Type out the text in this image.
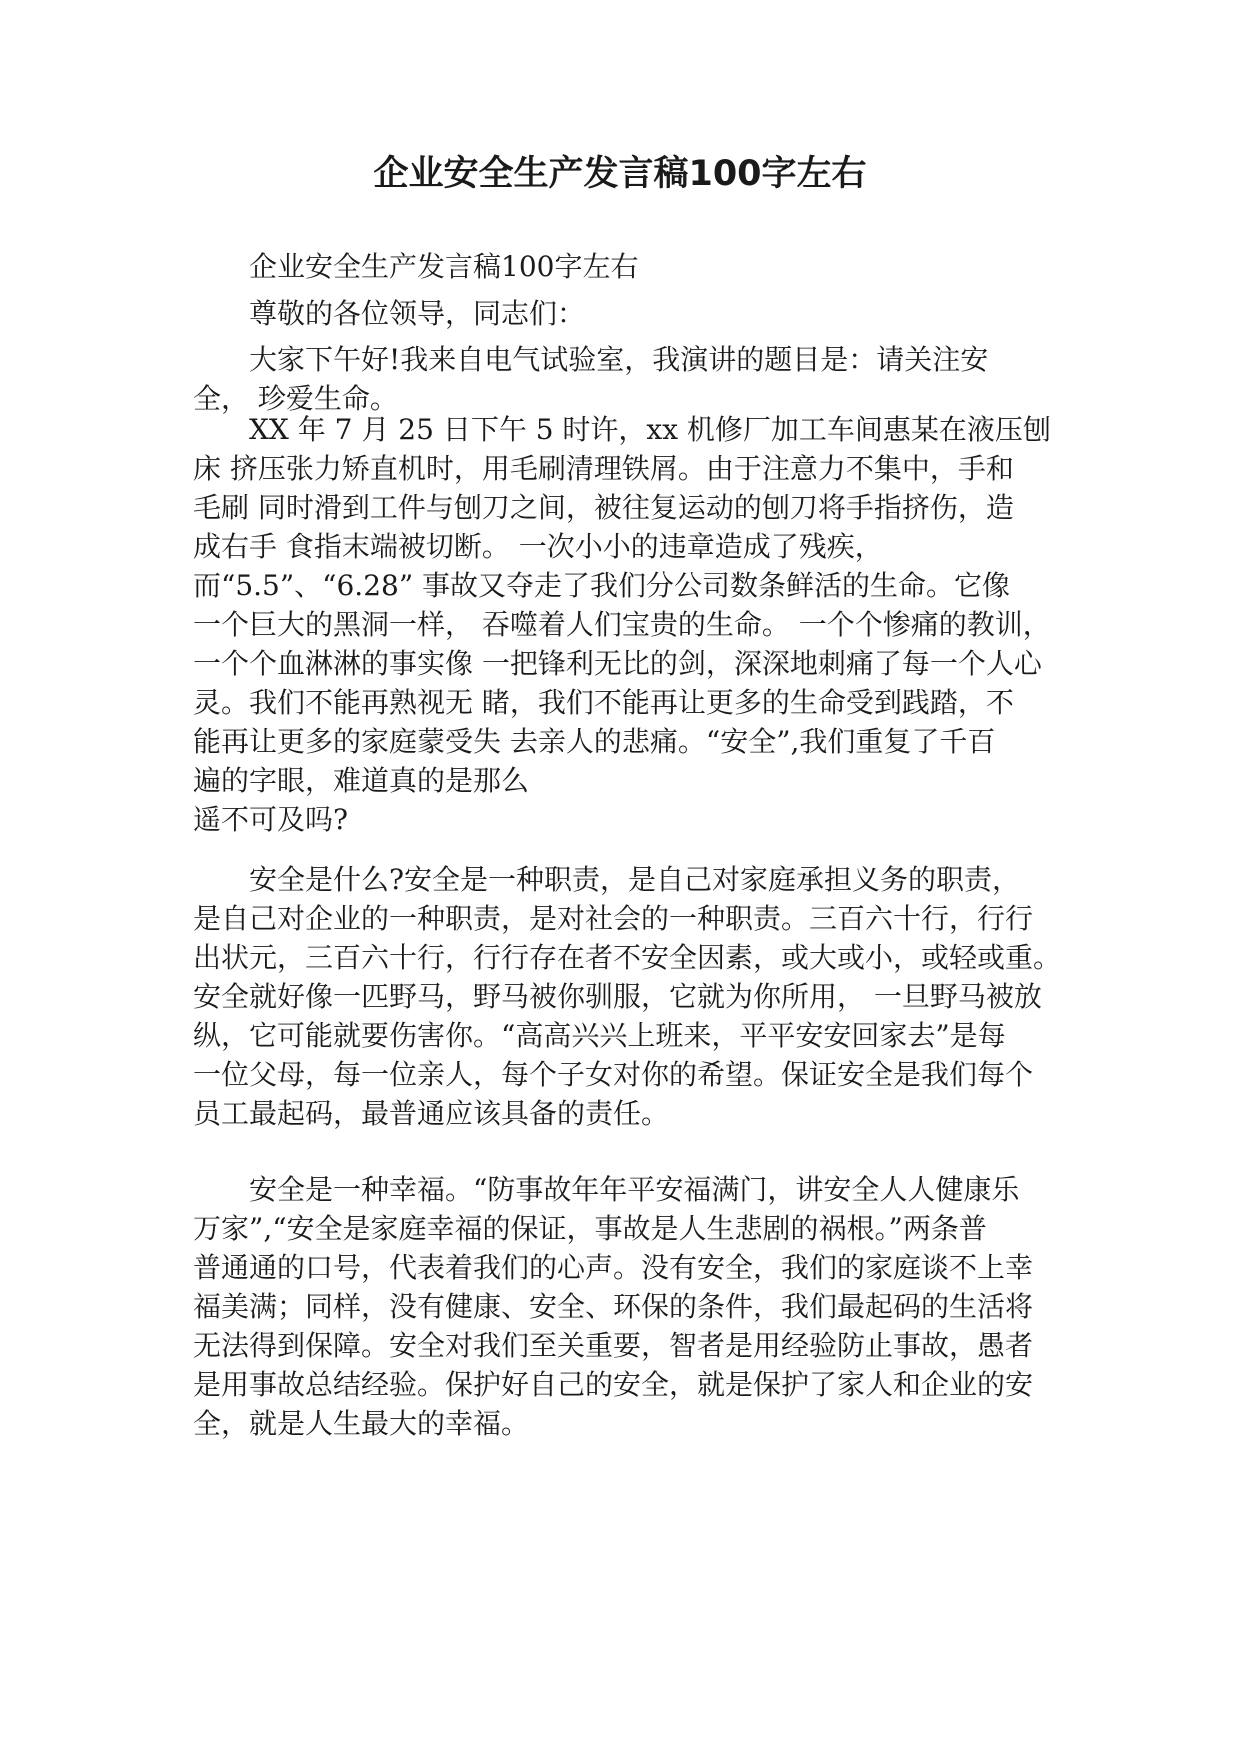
企业安全生产发言稿100字左右

企业安全生产发言稿100字左右

尊敬的各位领导，同志们：

大家下午好!我来自电气试验室，我演讲的题目是：请关注安
全， 珍爱生命。

XX 年 7 月 25 日下午 5 时许，xx 机修厂加工车间惠某在液压刨
床 挤压张力矫直机时，用毛刷清理铁屑。由于注意力不集中，手和
毛刷 同时滑到工件与刨刀之间，被往复运动的刨刀将手指挤伤，造
成右手 食指末端被切断。 一次小小的违章造成了残疾，
而“5.5”、“6.28” 事故又夺走了我们分公司数条鲜活的生命。它像
一个巨大的黑洞一样， 吞噬着人们宝贵的生命。 一个个惨痛的教训，
一个个血淋淋的事实像 一把锋利无比的剑，深深地刺痛了每一个人心
灵。我们不能再熟视无 睹，我们不能再让更多的生命受到践踏，不
能再让更多的家庭蒙受失 去亲人的悲痛。“安全”,我们重复了千百
遍的字眼，难道真的是那么
遥不可及吗?

安全是什么?安全是一种职责，是自己对家庭承担义务的职责，
是自己对企业的一种职责，是对社会的一种职责。三百六十行，行行
出状元，三百六十行，行行存在者不安全因素，或大或小，或轻或重。
安全就好像一匹野马，野马被你驯服，它就为你所用， 一旦野马被放
纵，它可能就要伤害你。“高高兴兴上班来，平平安安回家去”是每
一位父母，每一位亲人，每个子女对你的希望。保证安全是我们每个
员工最起码，最普通应该具备的责任。

安全是一种幸福。“防事故年年平安福满门，讲安全人人健康乐
万家”,“安全是家庭幸福的保证，事故是人生悲剧的祸根。”两条普
普通通的口号，代表着我们的心声。没有安全，我们的家庭谈不上幸
福美满；同样，没有健康、安全、环保的条件，我们最起码的生活将
无法得到保障。安全对我们至关重要，智者是用经验防止事故，愚者
是用事故总结经验。保护好自己的安全，就是保护了家人和企业的安
全，就是人生最大的幸福。
